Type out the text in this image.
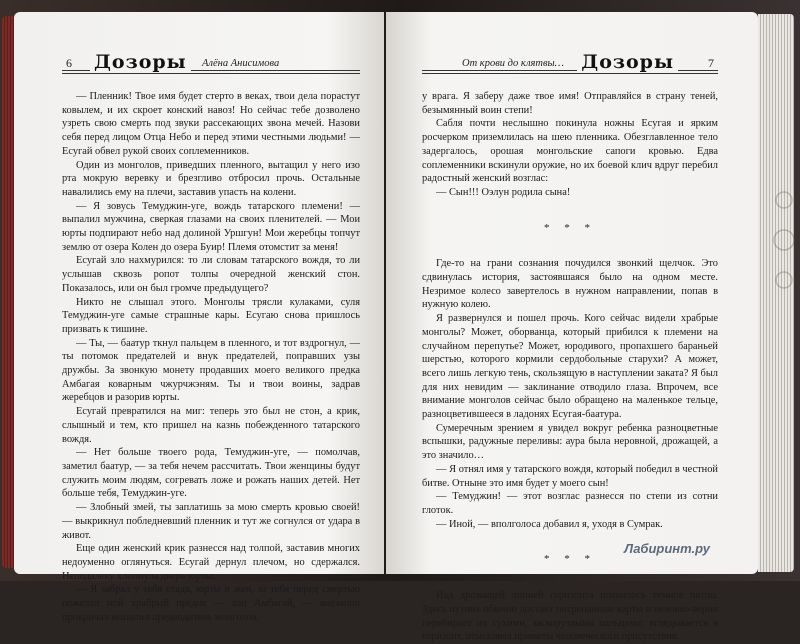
6 Дозоры	Алёна Анисимова

— Пленник! Твое имя будет стерто в веках, твои дела порастут ковылем, и их скроет конский навоз! Но сейчас тебе дозволено узреть свою смерть под звуки рассекающих звона мечей. Назови себя перед лицом Отца Небо и перед этими честными людьми! — Есугай обвел рукой своих соплеменников.

Один из монголов, приведших пленного, вытащил у него изо рта мокрую веревку и брезгливо отбросил прочь. Остальные навалились ему на плечи, заставив упасть на колени.

— Я зовусь Темуджин-уге, вождь татарского племени! — выпалил мужчина, сверкая глазами на своих пленителей. — Мои юрты подпирают небо над долиной Уршгун! Мои жеребцы топчут землю от озера Колен до озера Буир! Племя отомстит за меня!

Есугай зло нахмурился: то ли словам татарского вождя, то ли услышав сквозь ропот толпы очередной женский стон. Показалось, или он был громче предыдущего?

Никто не слышал этого. Монголы трясли кулаками, суля Темуджин-уге самые страшные кары. Есугаю снова пришлось призвать к тишине.

— Ты, — баатур ткнул пальцем в пленного, и тот вздрогнул, — ты потомок предателей и внук предателей, поправших узы дружбы. За звонкую монету продавших моего великого предка Амбагая коварным чжурчжэням. Ты и твои воины, задрав жеребцов и разорив юрты.

Есугай превратился на миг: теперь это был не стон, а крик, слышный и тем, кто пришел на казнь побежденного татарского вождя.

— Нет больше твоего рода, Темуджин-уге, — помолчав, заметил баатур, — за тебя нечем рассчитать. Твои женщины будут служить моим людям, согревать ложе и рожать наших детей. Нет больше тебя, Темуджин-уге.

— Злобный змей, ты заплатишь за мою смерть кровью своей! — выкрикнул побледневший пленник и тут же согнулся от удара в живот.

Еще один женский крик разнесся над толпой, заставив многих недоуменно оглянуться. Есугай дернул плечом, но сдержался. Неподалеку хлопнула дверь юрты.

— Я забрал у тебя стада, юрты и жен, за тебя перед смертью пожелал мой храбрый предок — хан Амбагай, — внезапно прокричал выпалил предводитель монголов.

От крови до клятвы… Дозоры	7

у врага. Я заберу даже твое имя! Отправляйся в страну теней, безымянный воин степи!

Сабля почти неслышно покинула ножны Есугая и ярким росчерком приземлилась на шею пленника. Обезглавленное тело задергалось, орошая монгольские сапоги кровью. Едва соплеменники вскинули оружие, но их боевой клич вдруг перебил радостный женский возглас:

— Сын!!! Оэлун родила сына!

* * *

Где-то на грани сознания почудился звонкий щелчок. Это сдвинулась история, застоявшаяся было на одном месте. Незримое колесо завертелось в нужном направлении, попав в нужную колею.

Я развернулся и пошел прочь. Кого сейчас видели храбрые монголы? Может, оборванца, который прибился к племени на случайном перепутье? Может, юродивого, пропахшего бараньей шерстью, которого кормили сердобольные старухи? А может, всего лишь легкую тень, скользящую в наступлении заката? Я был для них невидим — заклинание отводило глаза. Впрочем, все внимание монголов сейчас было обращено на маленькое тельце, разноцветившееся в ладонях Есугая-баатура.

Сумеречным зрением я увидел вокруг ребенка разноцветные вспышки, радужные переливы: аура была неровной, дрожащей, а это значило…

— Я отнял имя у татарского вождя, который победил в честной битве. Отныне это имя будет у моего сын!

— Темуджин! — этот возглас разнесся по степи из сотни глоток.

— Иной, — вполголоса добавил я, уходя в Сумрак.

* * *

Над дрожащей линией горизонта появилось темное пятно. Здесь путник обычно достает потрепанные карты и неловко-верно перебирает их сухими, заскорузлыми пальцами; вглядывается в горизонт, отыскивая приметы человеческого присутствия.

Лабиринт.ру
